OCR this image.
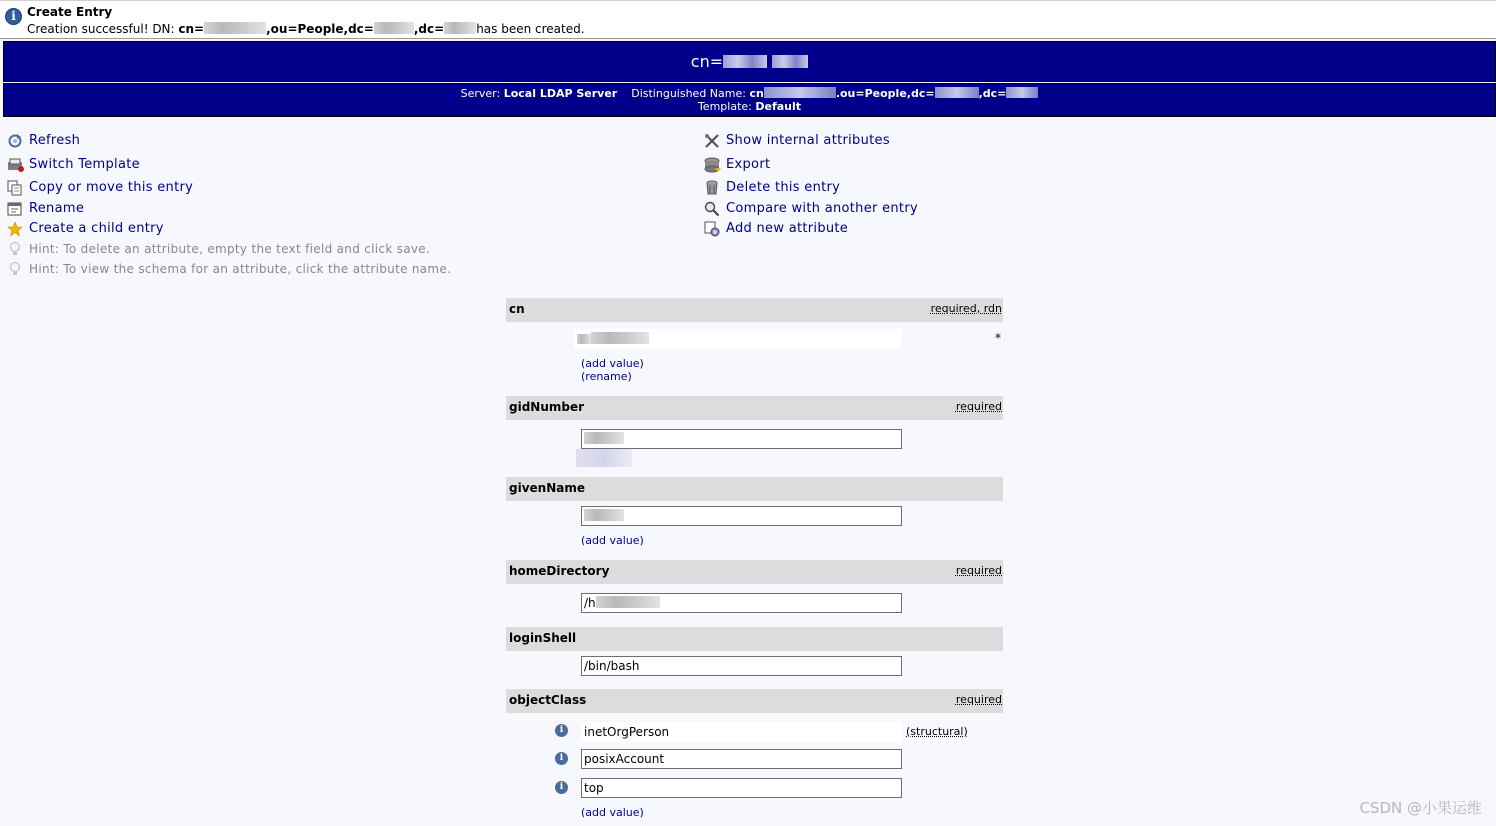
i Create Entry
Creation successful! DN: cn=	,ou=People,dc=	,dc=	has been created.
cn=
Server: Local LDAP Server Distinguished Name: cn	.ou=People,dc=	,dc=
Template: Default
Refresh
Switch Template
Copy or move this entry
Rename
Create a child entry
Hint: To delete an attribute, empty the text field and click save.
Hint: To view the schema for an attribute, click the attribute name.
Show internal attributes
Export
Delete this entry
Compare with another entry
Add new attribute
cn	required, rdn
*
(add value)
(rename)
gidNumber	required
givenName
(add value)
homeDirectory	required
/h
loginShell
/bin/bash
objectClass	required
i	inetOrgPerson	(structural)
i	posixAccount
i	top
(add value)	CSDN @小果运维
